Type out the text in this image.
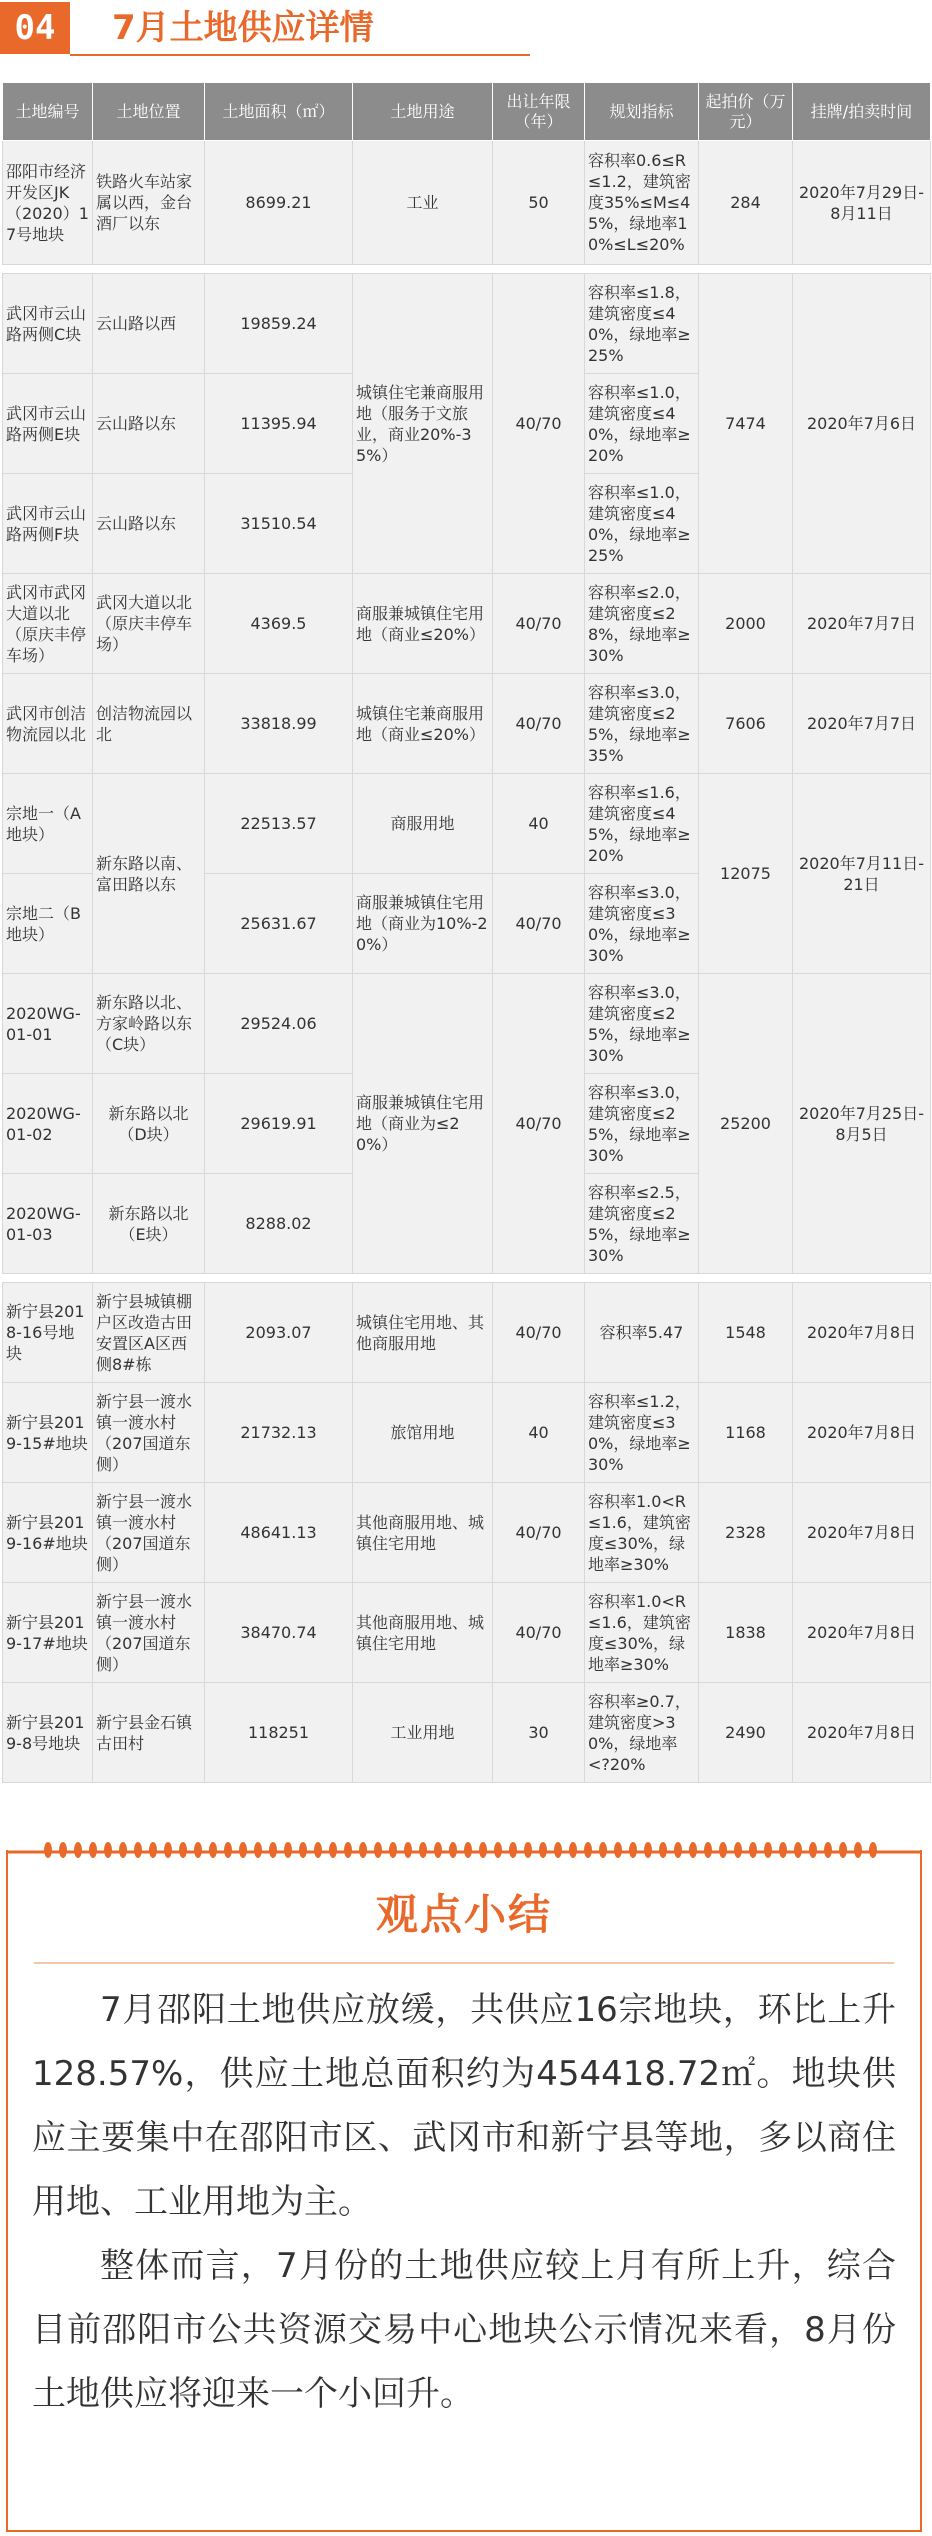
04	7月土地供应详情
土地编号	土地位置	土地面积（㎡）	土地用途	出让年限（年）	规划指标	起拍价（万元）	挂牌/拍卖时间
邵阳市经济开发区JK（2020）17号地块	铁路火车站家属以西，金台酒厂以东	8699.21	工业	50	容积率0.6≤R≤1.2，建筑密度35%≤M≤45%，绿地率10%≤L≤20%	284	2020年7月29日-8月11日

武冈市云山路两侧C块	云山路以西	19859.24	城镇住宅兼商服用地（服务于文旅业，商业20%-35%）	40/70	容积率≤1.8，建筑密度≤40%，绿地率≥25%	7474	2020年7月6日
武冈市云山路两侧E块	云山路以东	11395.94			容积率≤1.0，建筑密度≤40%，绿地率≥20%		
武冈市云山路两侧F块	云山路以东	31510.54			容积率≤1.0，建筑密度≤40%，绿地率≥25%		
武冈市武冈大道以北（原庆丰停车场）	武冈大道以北（原庆丰停车场）	4369.5	商服兼城镇住宅用地（商业≤20%）	40/70	容积率≤2.0，建筑密度≤28%，绿地率≥30%	2000	2020年7月7日
武冈市创洁物流园以北	创洁物流园以北	33818.99	城镇住宅兼商服用地（商业≤20%）	40/70	容积率≤3.0，建筑密度≤25%，绿地率≥35%	7606	2020年7月7日
宗地一（A地块）	新东路以南、富田路以东	22513.57	商服用地	40	容积率≤1.6，建筑密度≤45%，绿地率≥20%	12075	2020年7月11日-21日
宗地二（B地块）		25631.67	商服兼城镇住宅用地（商业为10%-20%）	40/70	容积率≤3.0，建筑密度≤30%，绿地率≥30%		
2020WG-01-01	新东路以北、方家岭路以东（C块）	29524.06	商服兼城镇住宅用地（商业为≤20%）	40/70	容积率≤3.0，建筑密度≤25%，绿地率≥30%	25200	2020年7月25日-8月5日
2020WG-01-02	新东路以北（D块）	29619.91			容积率≤3.0，建筑密度≤25%，绿地率≥30%		
2020WG-01-03	新东路以北（E块）	8288.02			容积率≤2.5，建筑密度≤25%，绿地率≥30%		

新宁县2018-16号地块	新宁县城镇棚户区改造古田安置区A区西侧8#栋	2093.07	城镇住宅用地、其他商服用地	40/70	容积率5.47	1548	2020年7月8日
新宁县2019-15#地块	新宁县一渡水镇一渡水村（207国道东侧）	21732.13	旅馆用地	40	容积率≤1.2，建筑密度≤30%，绿地率≥30%	1168	2020年7月8日
新宁县2019-16#地块	新宁县一渡水镇一渡水村（207国道东侧）	48641.13	其他商服用地、城镇住宅用地	40/70	容积率1.0<R≤1.6，建筑密度≤30%，绿地率≥30%	2328	2020年7月8日
新宁县2019-17#地块	新宁县一渡水镇一渡水村（207国道东侧）	38470.74	其他商服用地、城镇住宅用地	40/70	容积率1.0<R≤1.6，建筑密度≤30%，绿地率≥30%	1838	2020年7月8日
新宁县2019-8号地块	新宁县金石镇古田村	118251	工业用地	30	容积率≥0.7，建筑密度>30%，绿地率<?20%	2490	2020年7月8日
观点小结
7月邵阳土地供应放缓，共供应16宗地块，环比上升128.57%，供应土地总面积约为454418.72㎡。地块供应主要集中在邵阳市区、武冈市和新宁县等地，多以商住用地、工业用地为主。
整体而言，7月份的土地供应较上月有所上升，综合目前邵阳市公共资源交易中心地块公示情况来看，8月份土地供应将迎来一个小回升。
